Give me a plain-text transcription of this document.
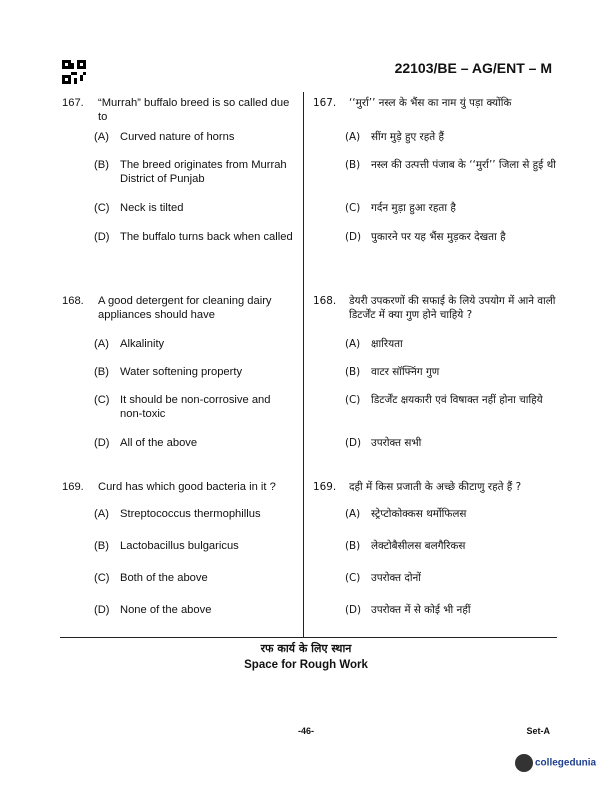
22103/BE – AG/ENT – M
167. “Murrah” buffalo breed is so called due to
(A) Curved nature of horns
(B) The breed originates from Murrah District of Punjab
(C) Neck is tilted
(D) The buffalo turns back when called
168. A good detergent for cleaning dairy appliances should have
(A) Alkalinity
(B) Water softening property
(C) It should be non-corrosive and non-toxic
(D) All of the above
169. Curd has which good bacteria in it ?
(A) Streptococcus thermophillus
(B) Lactobacillus bulgaricus
(C) Both of the above
(D) None of the above
167. ‘‘मुर्रा’’ नस्ल के भैंस का नाम युं पड़ा क्योंकि
(A) सींग मुड़े हुए रहते हैं
(B) नस्ल की उत्पत्ती पंजाब के ‘‘मुर्रा’’ जिला से हुई थी
(C) गर्दन मुड़ा हुआ रहता है
(D) पुकारने पर यह भैंस मुड़कर देखता है
168. डेयरी उपकरणों की सफाई के लिये उपयोग में आने वाली डिटर्जेंट में क्या गुण होने चाहिये ?
(A) क्षारियता
(B) वाटर सॉफ्निंग गुण
(C) डिटर्जेंट क्षयकारी एवं विषाक्त नहीं होना चाहिये
(D) उपरोक्त सभी
169. दही में किस प्रजाती के अच्छे कीटाणु रहते हैं ?
(A) स्ट्रेप्टोकोक्कस थर्मोफिलस
(B) लेक्टोबैसीलस बलगैरिकस
(C) उपरोक्त दोनों
(D) उपरोक्त में से कोई भी नहीं
रफ कार्य के लिए स्थान
Space for Rough Work
-46-	Set-A
collegedunia
